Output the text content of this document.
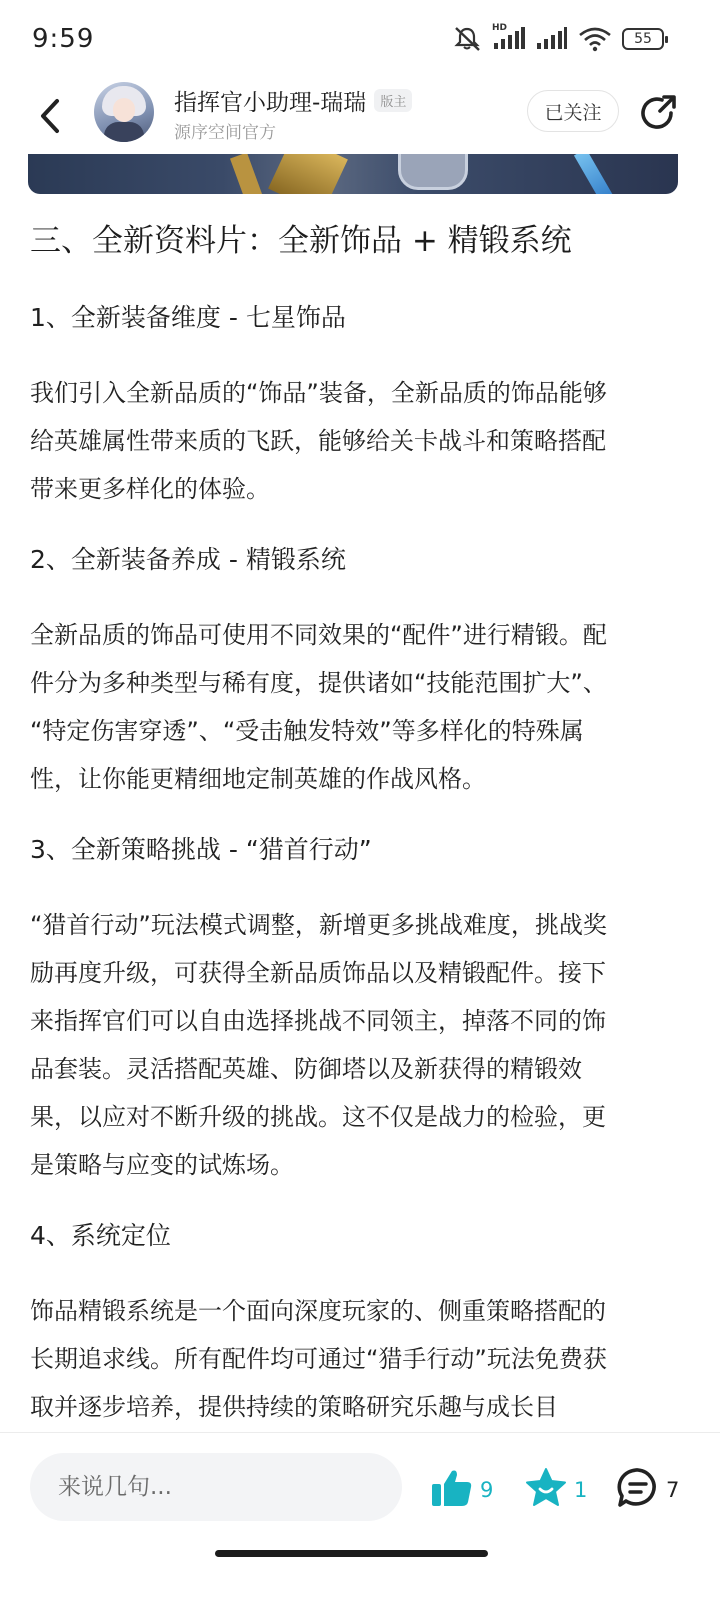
9:59	HD
55
指挥官小助理-瑞瑞	版主
源序空间官方
已关注
三、全新资料片：全新饰品 + 精锻系统
1、全新装备维度 - 七星饰品
我们引入全新品质的“饰品”装备，全新品质的饰品能够
给英雄属性带来质的飞跃，能够给关卡战斗和策略搭配
带来更多样化的体验。
2、全新装备养成 - 精锻系统
全新品质的饰品可使用不同效果的“配件”进行精锻。配
件分为多种类型与稀有度，提供诸如“技能范围扩大”、
“特定伤害穿透”、“受击触发特效”等多样化的特殊属
性，让你能更精细地定制英雄的作战风格。
3、全新策略挑战 - “猎首行动”
“猎首行动”玩法模式调整，新增更多挑战难度，挑战奖
励再度升级，可获得全新品质饰品以及精锻配件。接下
来指挥官们可以自由选择挑战不同领主，掉落不同的饰
品套装。灵活搭配英雄、防御塔以及新获得的精锻效
果，以应对不断升级的挑战。这不仅是战力的检验，更
是策略与应变的试炼场。
4、系统定位
饰品精锻系统是一个面向深度玩家的、侧重策略搭配的
长期追求线。所有配件均可通过“猎手行动”玩法免费获
取并逐步培养，提供持续的策略研究乐趣与成长目
来说几句...
9	1	7
